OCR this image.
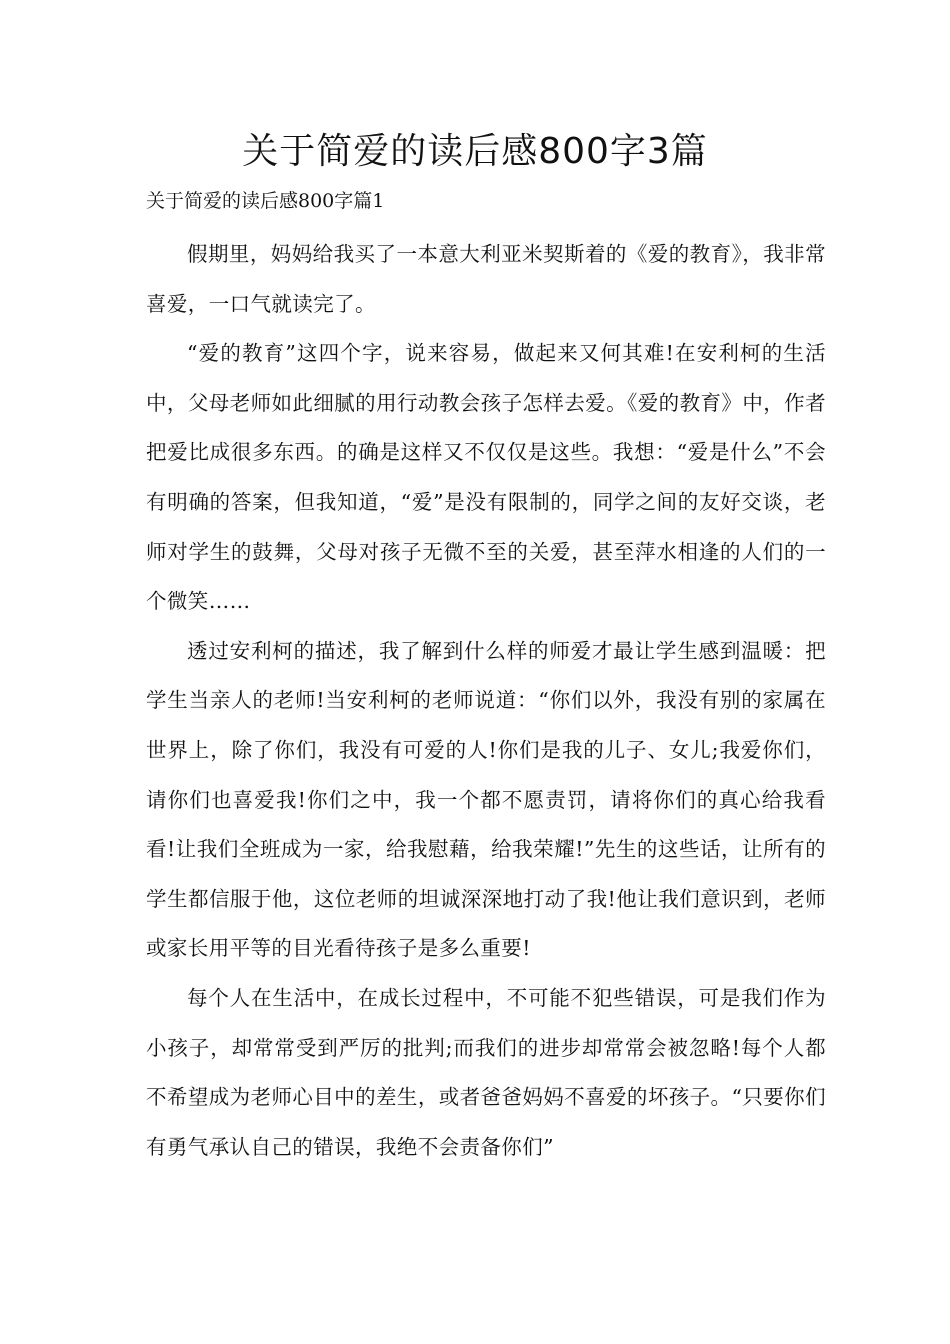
关于简爱的读后感800字3篇

关于简爱的读后感800字篇1

假期里，妈妈给我买了一本意大利亚米契斯着的《爱的教育》，我非常喜爱，一口气就读完了。

“爱的教育”这四个字，说来容易，做起来又何其难!在安利柯的生活中，父母老师如此细腻的用行动教会孩子怎样去爱。《爱的教育》中，作者把爱比成很多东西。的确是这样又不仅仅是这些。我想：“爱是什么”不会有明确的答案，但我知道，“爱”是没有限制的，同学之间的友好交谈，老师对学生的鼓舞，父母对孩子无微不至的关爱，甚至萍水相逢的人们的一个微笑……

透过安利柯的描述，我了解到什么样的师爱才最让学生感到温暖：把学生当亲人的老师!当安利柯的老师说道：“你们以外，我没有别的家属在世界上，除了你们，我没有可爱的人!你们是我的儿子、女儿;我爱你们，请你们也喜爱我!你们之中，我一个都不愿责罚，请将你们的真心给我看看!让我们全班成为一家，给我慰藉，给我荣耀!”先生的这些话，让所有的学生都信服于他，这位老师的坦诚深深地打动了我!他让我们意识到，老师或家长用平等的目光看待孩子是多么重要!

每个人在生活中，在成长过程中，不可能不犯些错误，可是我们作为小孩子，却常常受到严厉的批判;而我们的进步却常常会被忽略!每个人都不希望成为老师心目中的差生，或者爸爸妈妈不喜爱的坏孩子。“只要你们有勇气承认自己的错误，我绝不会责备你们”
